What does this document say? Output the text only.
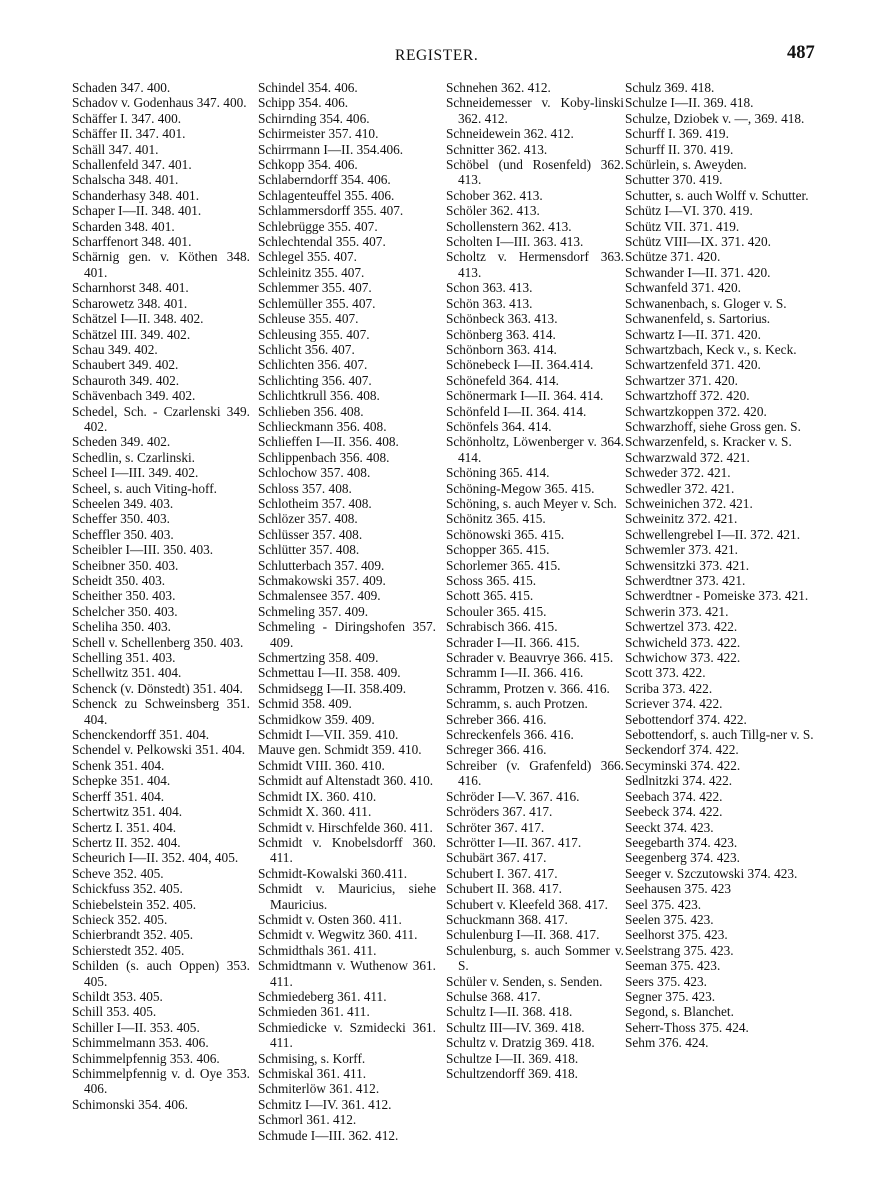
REGISTER.	487
Schaden 347. 400.
Schadov v. Godenhaus 347. 400.
Schäffer I. 347. 400.
Schäffer II. 347. 401.
Schäll 347. 401.
Schallenfeld 347. 401.
Schalscha 348. 401.
Schanderhasy 348. 401.
Schaper I—II. 348. 401.
Scharden 348. 401.
Scharffenort 348. 401.
Schärnig gen. v. Köthen 348. 401.
Scharnhorst 348. 401.
Scharowetz 348. 401.
Schätzel I—II. 348. 402.
Schätzel III. 349. 402.
Schau 349. 402.
Schaubert 349. 402.
Schauroth 349. 402.
Schävenbach 349. 402.
Schedel, Sch. - Czarlenski 349. 402.
Scheden 349. 402.
Schedlin, s. Czarlinski.
Scheel I—III. 349. 402.
Scheel, s. auch Viting-hoff.
Scheelen 349. 403.
Scheffer 350. 403.
Scheffler 350. 403.
Scheibler I—III. 350. 403.
Scheibner 350. 403.
Scheidt 350. 403.
Scheither 350. 403.
Schelcher 350. 403.
Scheliha 350. 403.
Schell v. Schellenberg 350. 403.
Schelling 351. 403.
Schellwitz 351. 404.
Schenck (v. Dönstedt) 351. 404.
Schenck zu Schweinsberg 351. 404.
Schenckendorff 351. 404.
Schendel v. Pelkowski 351. 404.
Schenk 351. 404.
Schepke 351. 404.
Scherff 351. 404.
Schertwitz 351. 404.
Schertz I. 351. 404.
Schertz II. 352. 404.
Scheurich I—II. 352. 404, 405.
Scheve 352. 405.
Schickfuss 352. 405.
Schiebelstein 352. 405.
Schieck 352. 405.
Schierbrandt 352. 405.
Schierstedt 352. 405.
Schilden (s. auch Oppen) 353. 405.
Schildt 353. 405.
Schill 353. 405.
Schiller I—II. 353. 405.
Schimmelmann 353. 406.
Schimmelpfennig 353. 406.
Schimmelpfennig v. d. Oye 353. 406.
Schimonski 354. 406.
Schindel 354. 406.
Schipp 354. 406.
Schirnding 354. 406.
Schirmeister 357. 410.
Schirrmann I—II. 354.406.
Schkopp 354. 406.
Schlaberndorff 354. 406.
Schlagenteuffel 355. 406.
Schlammersdorff 355. 407.
Schlebrügge 355. 407.
Schlechtendal 355. 407.
Schlegel 355. 407.
Schleinitz 355. 407.
Schlemmer 355. 407.
Schlemüller 355. 407.
Schleuse 355. 407.
Schleusing 355. 407.
Schlicht 356. 407.
Schlichten 356. 407.
Schlichting 356. 407.
Schlichtkrull 356. 408.
Schlieben 356. 408.
Schlieckmann 356. 408.
Schlieffen I—II. 356. 408.
Schlippenbach 356. 408.
Schlochow 357. 408.
Schloss 357. 408.
Schlotheim 357. 408.
Schlözer 357. 408.
Schlüsser 357. 408.
Schlütter 357. 408.
Schlutterbach 357. 409.
Schmakowski 357. 409.
Schmalensee 357. 409.
Schmeling 357. 409.
Schmeling - Diringshofen 357. 409.
Schmertzing 358. 409.
Schmettau I—II. 358. 409.
Schmidsegg I—II. 358.409.
Schmid 358. 409.
Schmidkow 359. 409.
Schmidt I—VII. 359. 410.
Mauve gen. Schmidt 359. 410.
Schmidt VIII. 360. 410.
Schmidt auf Altenstadt 360. 410.
Schmidt IX. 360. 410.
Schmidt X. 360. 411.
Schmidt v. Hirschfelde 360. 411.
Schmidt v. Knobelsdorff 360. 411.
Schmidt-Kowalski 360.411.
Schmidt v. Mauricius, siehe Mauricius.
Schmidt v. Osten 360. 411.
Schmidt v. Wegwitz 360. 411.
Schmidthals 361. 411.
Schmidtmann v. Wuthenow 361. 411.
Schmiedeberg 361. 411.
Schmieden 361. 411.
Schmiedicke v. Szmidecki 361. 411.
Schmising, s. Korff.
Schmiskal 361. 411.
Schmiterlöw 361. 412.
Schmitz I—IV. 361. 412.
Schmorl 361. 412.
Schmude I—III. 362. 412.
Schnehen 362. 412.
Schneidemesser v. Koby-linski 362. 412.
Schneidewein 362. 412.
Schnitter 362. 413.
Schöbel (und Rosenfeld) 362. 413.
Schober 362. 413.
Schöler 362. 413.
Schollenstern 362. 413.
Scholten I—III. 363. 413.
Scholtz v. Hermensdorf 363. 413.
Schon 363. 413.
Schön 363. 413.
Schönbeck 363. 413.
Schönberg 363. 414.
Schönborn 363. 414.
Schönebeck I—II. 364.414.
Schönefeld 364. 414.
Schönermark I—II. 364. 414.
Schönfeld I—II. 364. 414.
Schönfels 364. 414.
Schönholtz, Löwenberger v. 364. 414.
Schöning 365. 414.
Schöning-Megow 365. 415.
Schöning, s. auch Meyer v. Sch.
Schönitz 365. 415.
Schönowski 365. 415.
Schopper 365. 415.
Schorlemer 365. 415.
Schoss 365. 415.
Schott 365. 415.
Schouler 365. 415.
Schrabisch 366. 415.
Schrader I—II. 366. 415.
Schrader v. Beauvrye 366. 415.
Schramm I—II. 366. 416.
Schramm, Protzen v. 366. 416.
Schramm, s. auch Protzen.
Schreber 366. 416.
Schreckenfels 366. 416.
Schreger 366. 416.
Schreiber (v. Grafenfeld) 366. 416.
Schröder I—V. 367. 416.
Schröders 367. 417.
Schröter 367. 417.
Schrötter I—II. 367. 417.
Schubärt 367. 417.
Schubert I. 367. 417.
Schubert II. 368. 417.
Schubert v. Kleefeld 368. 417.
Schuckmann 368. 417.
Schulenburg I—II. 368. 417.
Schulenburg, s. auch Sommer v. S.
Schüler v. Senden, s. Senden.
Schulse 368. 417.
Schultz I—II. 368. 418.
Schultz III—IV. 369. 418.
Schultz v. Dratzig 369. 418.
Schultze I—II. 369. 418.
Schultzendorff 369. 418.
Schulz 369. 418.
Schulze I—II. 369. 418.
Schulze, Dziobek v. —, 369. 418.
Schurff I. 369. 419.
Schurff II. 370. 419.
Schürlein, s. Aweyden.
Schutter 370. 419.
Schutter, s. auch Wolff v. Schutter.
Schütz I—VI. 370. 419.
Schütz VII. 371. 419.
Schütz VIII—IX. 371. 420.
Schütze 371. 420.
Schwander I—II. 371. 420.
Schwanfeld 371. 420.
Schwanenbach, s. Gloger v. S.
Schwanenfeld, s. Sartorius.
Schwartz I—II. 371. 420.
Schwartzbach, Keck v., s. Keck.
Schwartzenfeld 371. 420.
Schwartzer 371. 420.
Schwartzhoff 372. 420.
Schwartzkoppen 372. 420.
Schwarzhoff, siehe Gross gen. S.
Schwarzenfeld, s. Kracker v. S.
Schwarzwald 372. 421.
Schweder 372. 421.
Schwedler 372. 421.
Schweinichen 372. 421.
Schweinitz 372. 421.
Schwellengrebel I—II. 372. 421.
Schwemler 373. 421.
Schwensitzki 373. 421.
Schwerdtner 373. 421.
Schwerdtner - Pomeiske 373. 421.
Schwerin 373. 421.
Schwertzel 373. 422.
Schwicheld 373. 422.
Schwichow 373. 422.
Scott 373. 422.
Scriba 373. 422.
Scriever 374. 422.
Sebottendorf 374. 422.
Sebottendorf, s. auch Tillg-ner v. S.
Seckendorf 374. 422.
Secyminski 374. 422.
Sedlnitzki 374. 422.
Seebach 374. 422.
Seebeck 374. 422.
Seeckt 374. 423.
Seegebarth 374. 423.
Seegenberg 374. 423.
Seeger v. Szczutowski 374. 423.
Seehausen 375. 423
Seel 375. 423.
Seelen 375. 423.
Seelhorst 375. 423.
Seelstrang 375. 423.
Seeman 375. 423.
Seers 375. 423.
Segner 375. 423.
Segond, s. Blanchet.
Seherr-Thoss 375. 424.
Sehm 376. 424.
